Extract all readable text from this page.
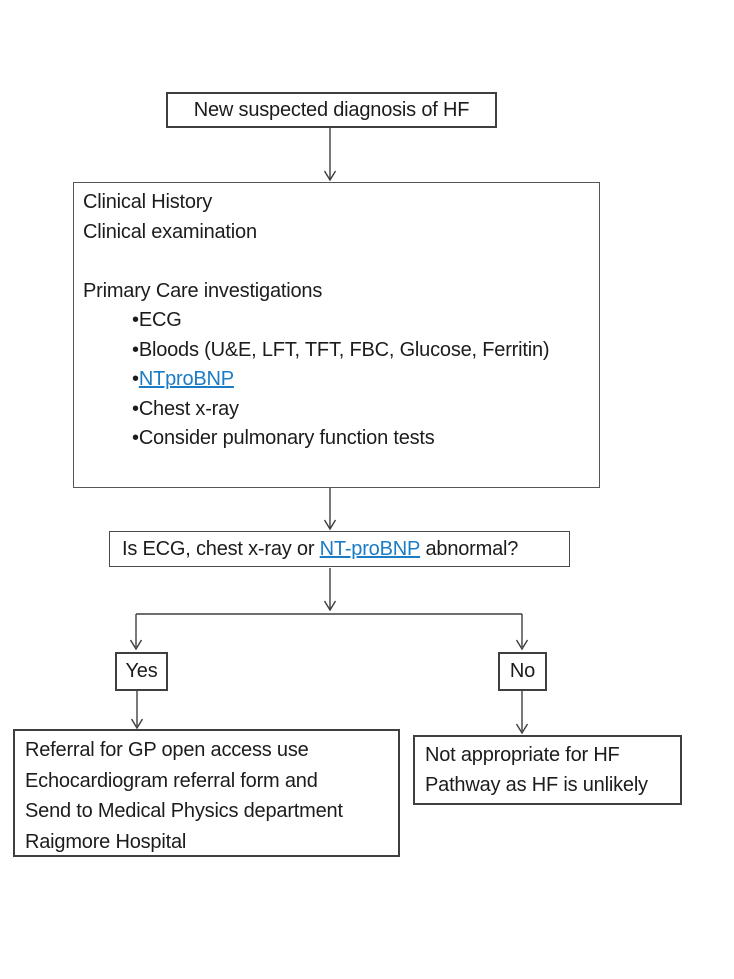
New suspected diagnosis of HF
Clinical History
Clinical examination
Primary Care investigations
•ECG
•Bloods (U&E, LFT, TFT, FBC, Glucose, Ferritin)
•NTproBNP
•Chest x-ray
•Consider pulmonary function tests
Is ECG, chest x-ray or NT-proBNP abnormal?
Yes	No
Referral for GP open access use
Echocardiogram referral form and
Send to Medical Physics department
Raigmore Hospital
Not appropriate for HF
Pathway as HF is unlikely
